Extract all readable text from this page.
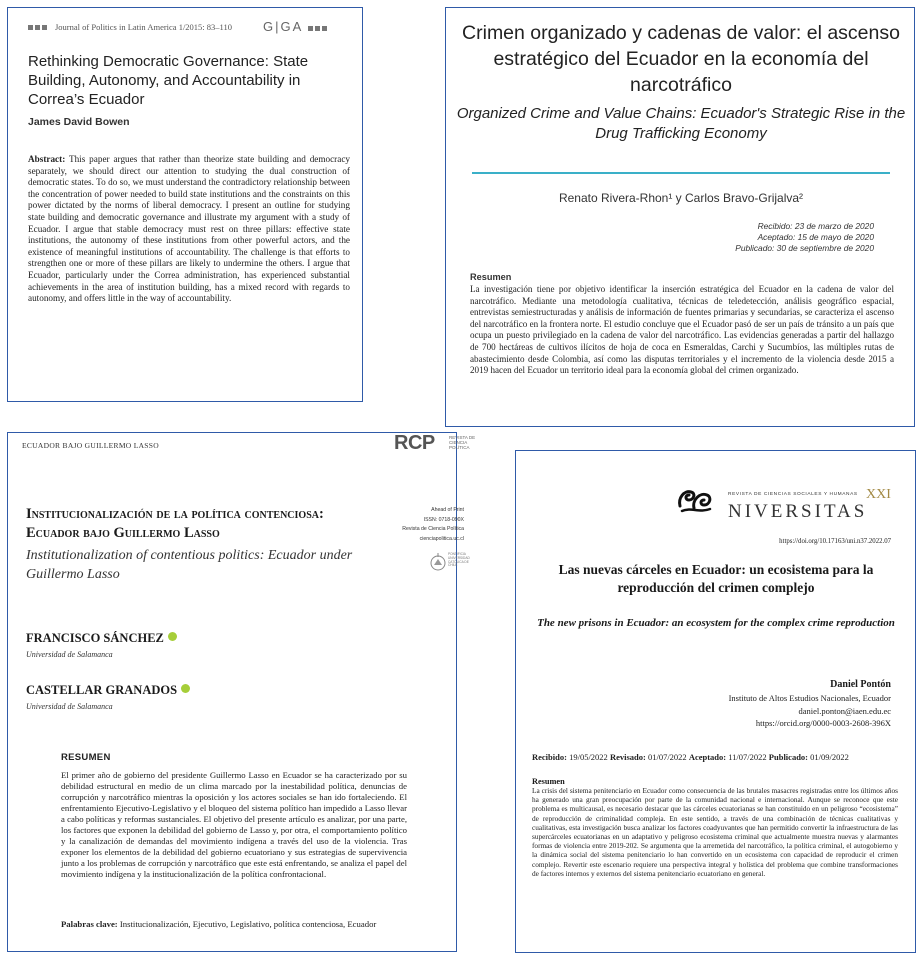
Journal of Politics in Latin America 1/2015: 83–110 G|GA
Rethinking Democratic Governance: State Building, Autonomy, and Accountability in Correa’s Ecuador
James David Bowen
Abstract: This paper argues that rather than theorize state building and democracy separately, we should direct our attention to studying the dual construction of democratic states. To do so, we must understand the contradictory relationship between the concentration of power needed to build state institutions and the constraints on this power dictated by the norms of liberal democracy. I present an outline for studying state building and democratic governance and illustrate my argument with a study of Ecuador. I argue that stable democracy must rest on three pillars: effective state institutions, the autonomy of these institutions from other powerful actors, and the existence of meaningful institutions of accountability. The challenge is that efforts to strengthen one or more of these pillars are likely to undermine the others. I argue that Ecuador, particularly under the Correa administration, has experienced substantial achievements in the area of institution building, has a mixed record with regards to autonomy, and offers little in the way of accountability.
Crimen organizado y cadenas de valor: el ascenso estratégico del Ecuador en la economía del narcotráfico
Organized Crime and Value Chains: Ecuador's Strategic Rise in the Drug Trafficking Economy
Renato Rivera-Rhon¹ y Carlos Bravo-Grijalva²
Recibido: 23 de marzo de 2020
Aceptado: 15 de mayo de 2020
Publicado: 30 de septiembre de 2020
Resumen
La investigación tiene por objetivo identificar la inserción estratégica del Ecuador en la cadena de valor del narcotráfico. Mediante una metodología cualitativa, técnicas de teledetección, análisis geográfico espacial, entrevistas semiestructuradas y análisis de información de fuentes primarias y secundarias, se caracteriza el ascenso del narcotráfico en la frontera norte. El estudio concluye que el Ecuador pasó de ser un país de tránsito a un país que ocupa un puesto privilegiado en la cadena de valor del narcotráfico. Las evidencias generadas a partir del hallazgo de 700 hectáreas de cultivos ilícitos de hoja de coca en Esmeraldas, Carchi y Sucumbíos, las múltiples rutas de abastecimiento desde Colombia, así como las disputas territoriales y el incremento de la violencia desde 2015 a 2019 hacen del Ecuador un territorio ideal para la economía global del crimen organizado.
ECUADOR BAJO GUILLERMO LASSO	RCP	REVISTA DE CIENCIA POLÍTICA
Institucionalización de la política contenciosa: Ecuador bajo Guillermo Lasso
Institutionalization of contentious politics: Ecuador under Guillermo Lasso
Ahead of Print
ISSN: 0718-090X
Revista de Ciencia Política
cienciapolitica.uc.cl
PONTIFICIA UNIVERSIDAD CATÓLICA DE CHILE
FRANCISCO SÁNCHEZ
Universidad de Salamanca
CASTELLAR GRANADOS
Universidad de Salamanca
RESUMEN
El primer año de gobierno del presidente Guillermo Lasso en Ecuador se ha caracterizado por su debilidad estructural en medio de un clima marcado por la inestabilidad política, denuncias de corrupción y narcotráfico mientras la oposición y los actores sociales se han ido fortaleciendo. El enfrentamiento Ejecutivo-Legislativo y el bloqueo del sistema político han impedido a Lasso llevar a cabo políticas y reformas sustanciales. El objetivo del presente artículo es analizar, por una parte, los factores que exponen la debilidad del gobierno de Lasso y, por otra, el comportamiento político y la canalización de demandas del movimiento indígena a través del uso de la violencia. Tras exponer los elementos de la debilidad del gobierno ecuatoriano y sus estrategias de supervivencia junto a los problemas de corrupción y narcotráfico que este está enfrentando, se analiza el papel del movimiento indígena y la institucionalización de la política confrontacional.
Palabras clave: Institucionalización, Ejecutivo, Legislativo, política contenciosa, Ecuador
REVISTA DE CIENCIAS SOCIALES Y HUMANAS XXI
NIVERSITAS
https://doi.org/10.17163/uni.n37.2022.07
Las nuevas cárceles en Ecuador: un ecosistema para la reproducción del crimen complejo
The new prisons in Ecuador: an ecosystem for the complex crime reproduction
Daniel Pontón
Instituto de Altos Estudios Nacionales, Ecuador
daniel.ponton@iaen.edu.ec
https://orcid.org/0000-0003-2608-396X
Recibido: 19/05/2022 Revisado: 01/07/2022 Aceptado: 11/07/2022 Publicado: 01/09/2022
Resumen
La crisis del sistema penitenciario en Ecuador como consecuencia de las brutales masacres registradas entre los últimos años ha generado una gran preocupación por parte de la comunidad nacional e internacional. Aunque se reconoce que este problema es multicausal, es necesario destacar que las cárceles ecuatorianas se han constituido en un peligroso “ecosistema” de reproducción de criminalidad compleja. En este sentido, a través de una combinación de técnicas cualitativas y cualitativas, esta investigación busca analizar los factores coadyuvantes que han permitido convertir la infraestructura de las supercárceles ecuatorianas en un adaptativo y peligroso ecosistema criminal que actualmente muestra nuevas y alarmantes formas de violencia entre 2019-202. Se argumenta que la arremetida del narcotráfico, la política criminal, el autogobierno y la dinámica social del sistema penitenciario lo han convertido en un ecosistema con capacidad de reproducir el crimen complejo. Revertir este escenario requiere una perspectiva integral y holística del problema que combine transformaciones de factores internos y externos del sistema penitenciario ecuatoriano en general.
